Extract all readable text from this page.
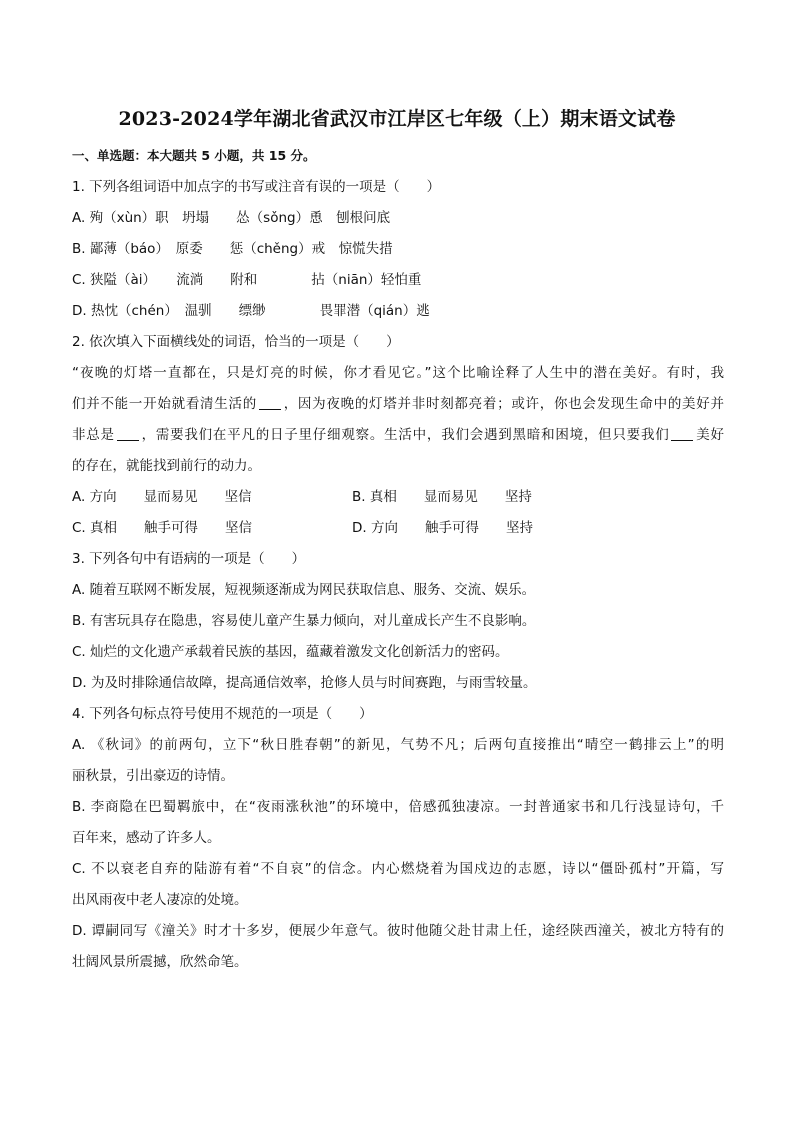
2023-2024学年湖北省武汉市江岸区七年级（上）期末语文试卷
一、单选题：本大题共 5 小题，共 15 分。
1. 下列各组词语中加点字的书写或注音有误的一项是（　　）
A. 殉（xùn）职　坍塌　　怂（sǒng）恿　刨根问底
B. 鄙薄（báo）　原委　　惩（chěng）戒　惊慌失措
C. 狭隘（ài）　　流淌　　附和　　　　拈（niān）轻怕重
D. 热忱（chén）　温驯　　缥缈　　　　畏罪潜（qián）逃
2. 依次填入下面横线处的词语，恰当的一项是（　　）
“夜晚的灯塔一直都在，只是灯亮的时候，你才看见它。”这个比喻诠释了人生中的潜在美好。有时，我
们并不能一开始就看清生活的 ，因为夜晚的灯塔并非时刻都亮着；或许，你也会发现生命中的美好并
非总是 ，需要我们在平凡的日子里仔细观察。生活中，我们会遇到黑暗和困境，但只要我们 美好
的存在，就能找到前行的动力。
A. 方向　　显而易见　　坚信	B. 真相　　显而易见　　坚持
C. 真相　　触手可得　　坚信	D. 方向　　触手可得　　坚持
3. 下列各句中有语病的一项是（　　）
A. 随着互联网不断发展，短视频逐渐成为网民获取信息、服务、交流、娱乐。
B. 有害玩具存在隐患，容易使儿童产生暴力倾向，对儿童成长产生不良影响。
C. 灿烂的文化遗产承载着民族的基因，蕴藏着激发文化创新活力的密码。
D. 为及时排除通信故障，提高通信效率，抢修人员与时间赛跑，与雨雪较量。
4. 下列各句标点符号使用不规范的一项是（　　）
A. 《秋词》的前两句，立下“秋日胜春朝”的新见，气势不凡；后两句直接推出“晴空一鹤排云上”的明
丽秋景，引出豪迈的诗情。
B. 李商隐在巴蜀羁旅中，在“夜雨涨秋池”的环境中，倍感孤独凄凉。一封普通家书和几行浅显诗句，千
百年来，感动了许多人。
C. 不以衰老自弃的陆游有着“不自哀”的信念。内心燃烧着为国戍边的志愿，诗以“僵卧孤村”开篇，写
出风雨夜中老人凄凉的处境。
D. 谭嗣同写《潼关》时才十多岁，便展少年意气。彼时他随父赴甘肃上任，途经陕西潼关，被北方特有的
壮阔风景所震撼，欣然命笔。
